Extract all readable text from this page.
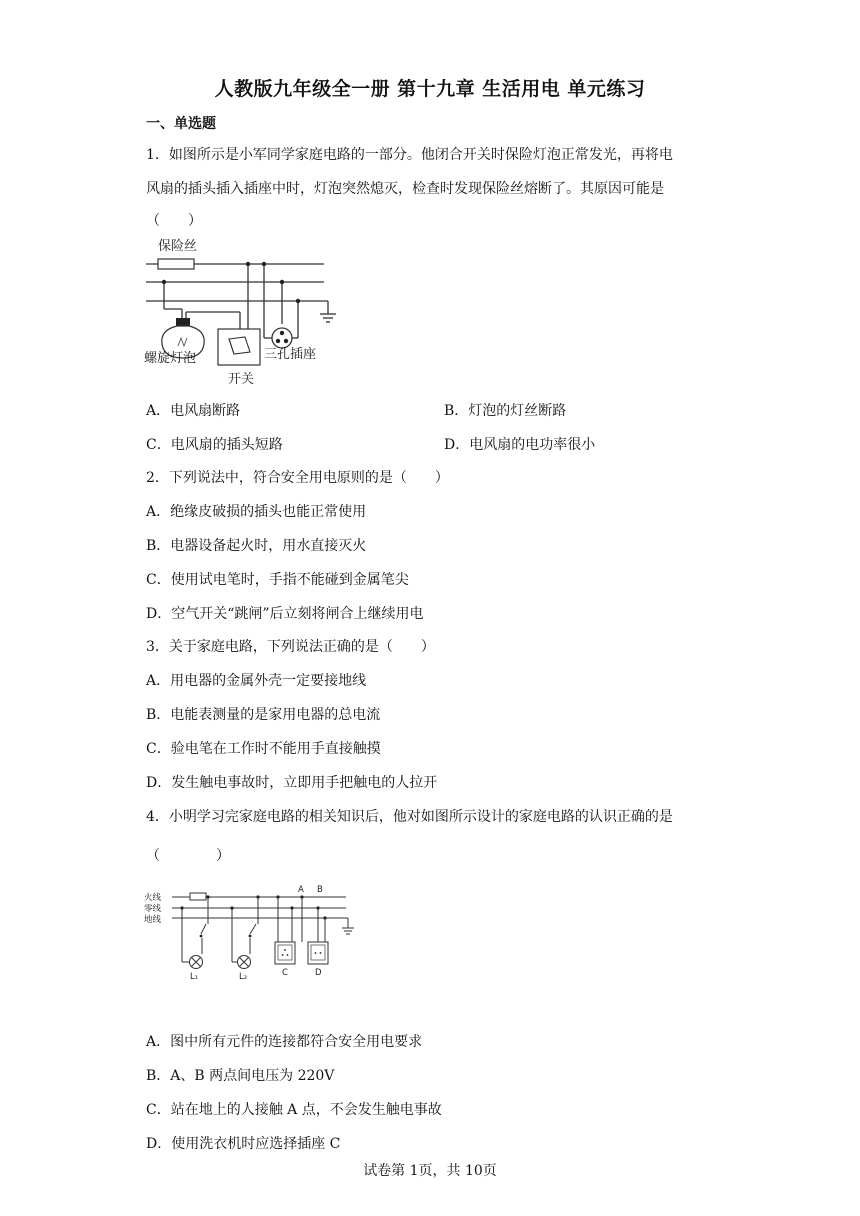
人教版九年级全一册 第十九章 生活用电 单元练习
一、单选题
1．如图所示是小军同学家庭电路的一部分。他闭合开关时保险灯泡正常发光，再将电
风扇的插头插入插座中时，灯泡突然熄灭，检查时发现保险丝熔断了。其原因可能是
（　　）
保险丝
螺旋灯泡
开关
三孔插座
A．电风扇断路	B．灯泡的灯丝断路
C．电风扇的插头短路	D．电风扇的电功率很小
2．下列说法中，符合安全用电原则的是（　　）
A．绝缘皮破损的插头也能正常使用
B．电器设备起火时，用水直接灭火
C．使用试电笔时，手指不能碰到金属笔尖
D．空气开关“跳闸”后立刻将闸合上继续用电
3．关于家庭电路，下列说法正确的是（　　）
A．用电器的金属外壳一定要接地线
B．电能表测量的是家用电器的总电流
C．验电笔在工作时不能用手直接触摸
D．发生触电事故时，立即用手把触电的人拉开
4．小明学习完家庭电路的相关知识后，他对如图所示设计的家庭电路的认识正确的是
（　　　　）
火线
零线
地线
A B
L₁	L₂	C	D
A．图中所有元件的连接都符合安全用电要求
B．A、B 两点间电压为 220V
C．站在地上的人接触 A 点，不会发生触电事故
D．使用洗衣机时应选择插座 C
试卷第 1页，共 10页
